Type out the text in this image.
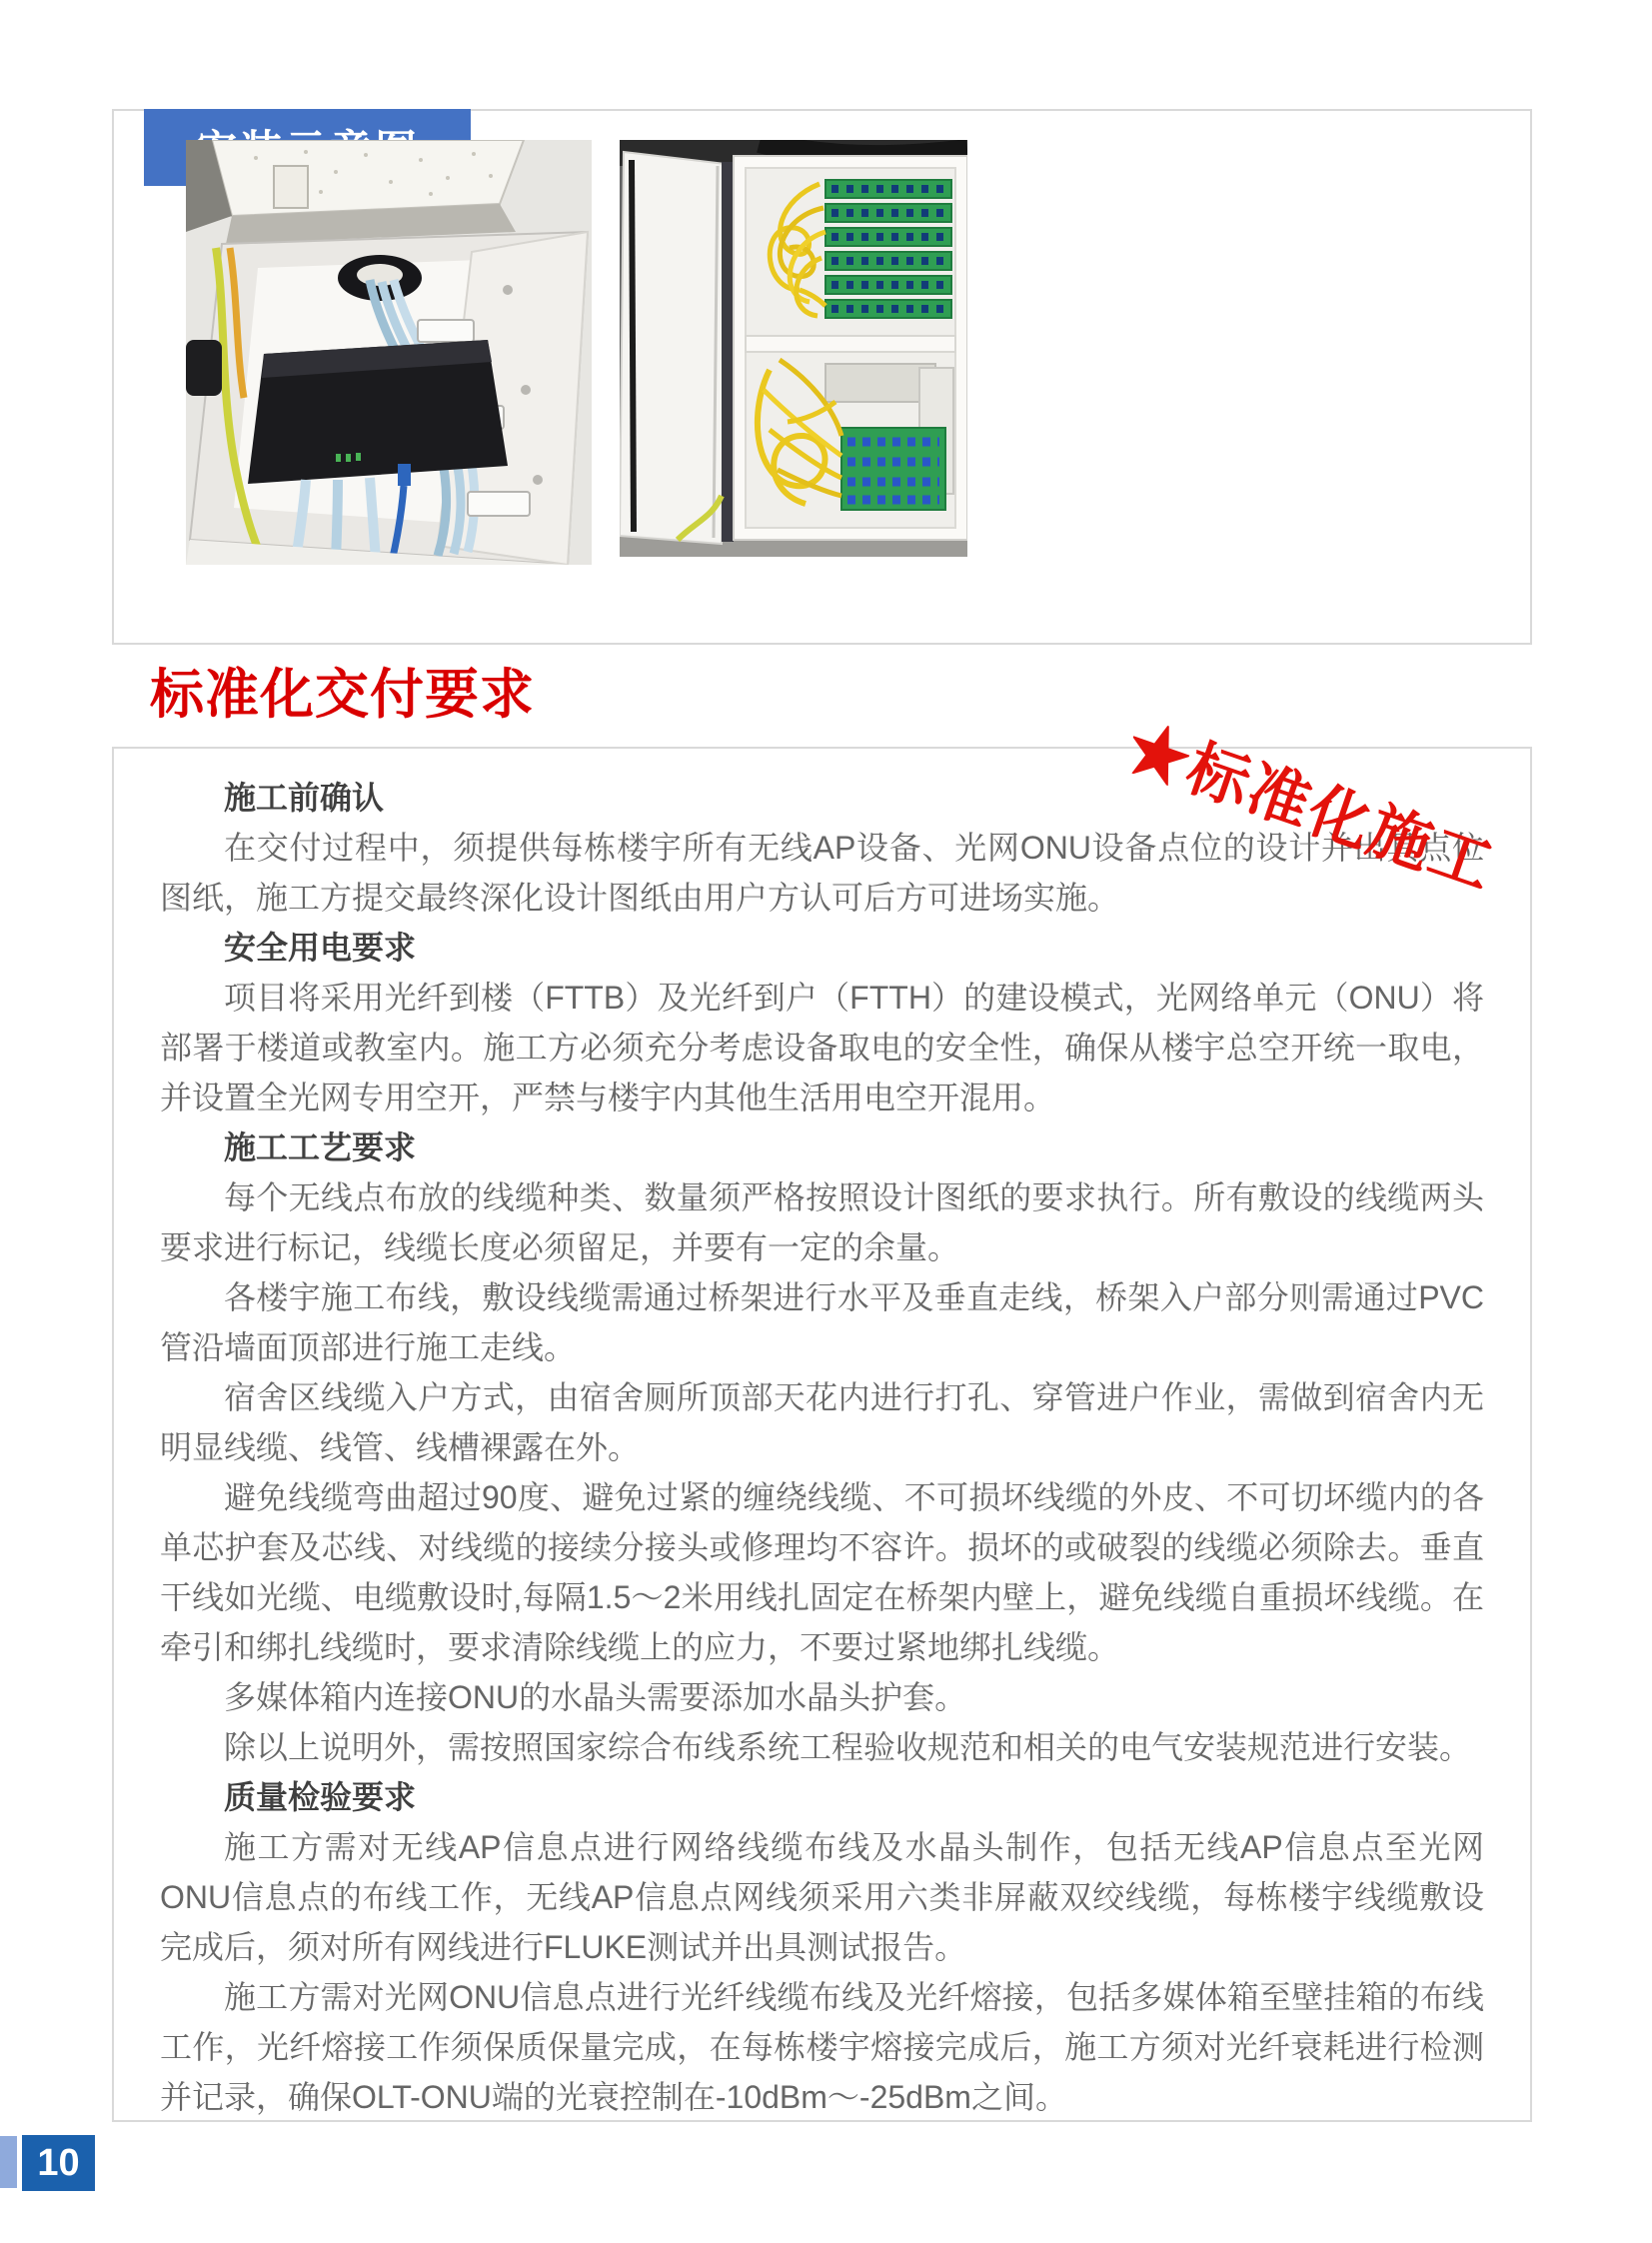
标准化交付要求

施工前确认

在交付过程中，须提供每栋楼宇所有无线AP设备、光网ONU设备点位的设计并出具点位图纸，施工方提交最终深化设计图纸由用户方认可后方可进场实施。

安全用电要求

项目将采用光纤到楼（FTTB）及光纤到户（FTTH）的建设模式，光网络单元（ONU）将部署于楼道或教室内。施工方必须充分考虑设备取电的安全性，确保从楼宇总空开统一取电，并设置全光网专用空开，严禁与楼宇内其他生活用电空开混用。

施工工艺要求

每个无线点布放的线缆种类、数量须严格按照设计图纸的要求执行。所有敷设的线缆两头要求进行标记，线缆长度必须留足，并要有一定的余量。

各楼宇施工布线，敷设线缆需通过桥架进行水平及垂直走线，桥架入户部分则需通过PVC管沿墙面顶部进行施工走线。

宿舍区线缆入户方式，由宿舍厕所顶部天花内进行打孔、穿管进户作业，需做到宿舍内无明显线缆、线管、线槽裸露在外。

避免线缆弯曲超过90度、避免过紧的缠绕线缆、不可损坏线缆的外皮、不可切坏缆内的各单芯护套及芯线、对线缆的接续分接头或修理均不容许。损坏的或破裂的线缆必须除去。垂直干线如光缆、电缆敷设时,每隔1.5～2米用线扎固定在桥架内壁上，避免线缆自重损坏线缆。在牵引和绑扎线缆时，要求清除线缆上的应力，不要过紧地绑扎线缆。

多媒体箱内连接ONU的水晶头需要添加水晶头护套。

除以上说明外，需按照国家综合布线系统工程验收规范和相关的电气安装规范进行安装。

质量检验要求

施工方需对无线AP信息点进行网络线缆布线及水晶头制作，包括无线AP信息点至光网ONU信息点的布线工作，无线AP信息点网线须采用六类非屏蔽双绞线缆，每栋楼宇线缆敷设完成后，须对所有网线进行FLUKE测试并出具测试报告。

施工方需对光网ONU信息点进行光纤线缆布线及光纤熔接，包括多媒体箱至壁挂箱的布线工作，光纤熔接工作须保质保量完成，在每栋楼宇熔接完成后，施工方须对光纤衰耗进行检测并记录，确保OLT-ONU端的光衰控制在-10dBm～-25dBm之间。

★标准化施工
10
